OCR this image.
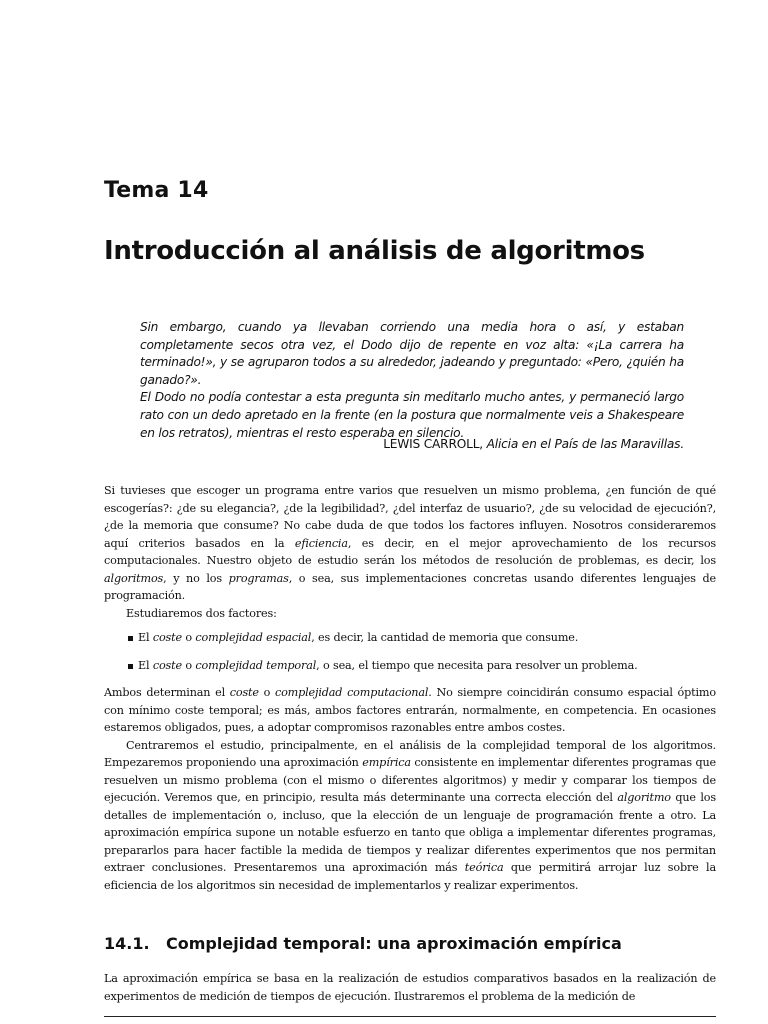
Tema 14
Introducción al análisis de algoritmos

Sin embargo, cuando ya llevaban corriendo una media hora o así, y estaban completamente secos otra vez, el Dodo dijo de repente en voz alta: «¡La carrera ha terminado!», y se agruparon todos a su alrededor, jadeando y preguntado: «Pero, ¿quién ha ganado?».

El Dodo no podía contestar a esta pregunta sin meditarlo mucho antes, y permaneció largo rato con un dedo apretado en la frente (en la postura que normalmente veis a Shakespeare en los retratos), mientras el resto esperaba en silencio.

LEWIS CARROLL, Alicia en el País de las Maravillas.

Si tuvieses que escoger un programa entre varios que resuelven un mismo problema, ¿en función de qué escogerías?: ¿de su elegancia?, ¿de la legibilidad?, ¿del interfaz de usuario?, ¿de su velocidad de ejecución?, ¿de la memoria que consume? No cabe duda de que todos los factores influyen. Nosotros consideraremos aquí criterios basados en la eficiencia, es decir, en el mejor aprovechamiento de los recursos computacionales. Nuestro objeto de estudio serán los métodos de resolución de problemas, es decir, los algoritmos, y no los programas, o sea, sus implementaciones concretas usando diferentes lenguajes de programación.

Estudiaremos dos factores:

El coste o complejidad espacial, es decir, la cantidad de memoria que consume.
El coste o complejidad temporal, o sea, el tiempo que necesita para resolver un problema.

Ambos determinan el coste o complejidad computacional. No siempre coincidirán consumo espacial óptimo con mínimo coste temporal; es más, ambos factores entrarán, normalmente, en competencia. En ocasiones estaremos obligados, pues, a adoptar compromisos razonables entre ambos costes.

Centraremos el estudio, principalmente, en el análisis de la complejidad temporal de los algoritmos. Empezaremos proponiendo una aproximación empírica consistente en implementar diferentes programas que resuelven un mismo problema (con el mismo o diferentes algoritmos) y medir y comparar los tiempos de ejecución. Veremos que, en principio, resulta más determinante una correcta elección del algoritmo que los detalles de implementación o, incluso, que la elección de un lenguaje de programación frente a otro. La aproximación empírica supone un notable esfuerzo en tanto que obliga a implementar diferentes programas, prepararlos para hacer factible la medida de tiempos y realizar diferentes experimentos que nos permitan extraer conclusiones. Presentaremos una aproximación más teórica que permitirá arrojar luz sobre la eficiencia de los algoritmos sin necesidad de implementarlos y realizar experimentos.

14.1. Complejidad temporal: una aproximación empírica

La aproximación empírica se basa en la realización de estudios comparativos basados en la realización de experimentos de medición de tiempos de ejecución. Ilustraremos el problema de la medición de
